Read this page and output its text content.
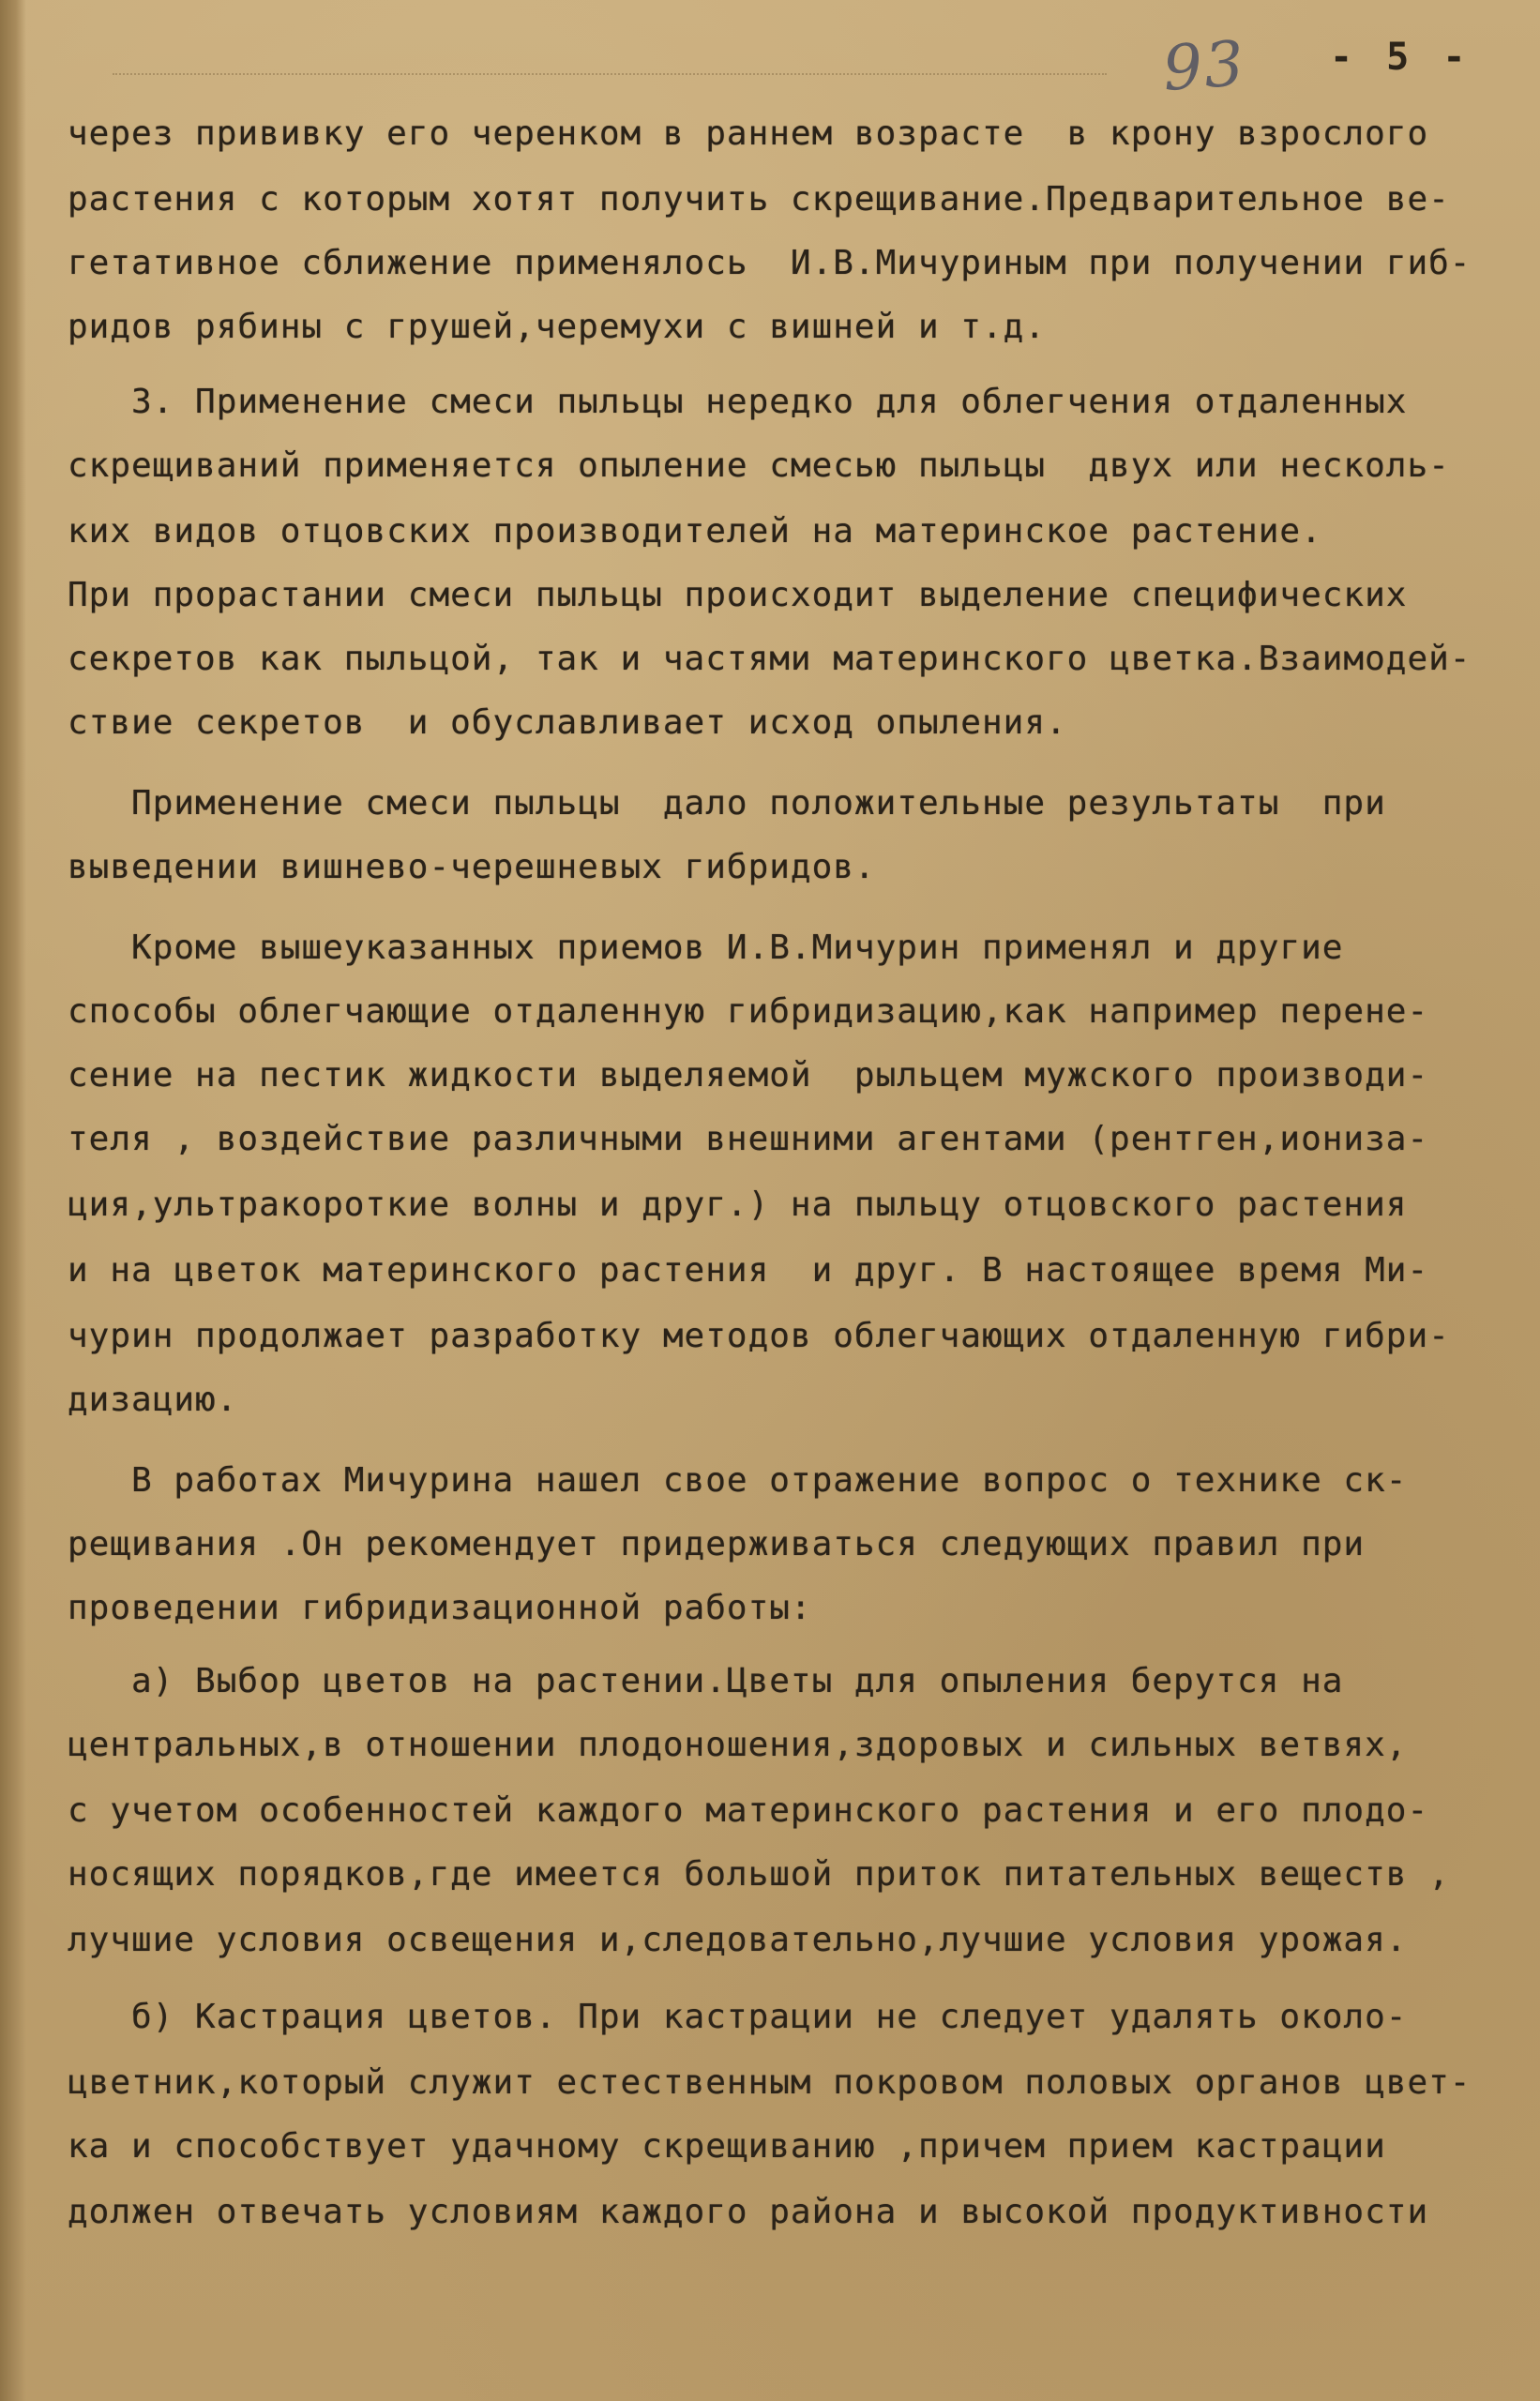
93 - 5 -
через прививку его черенком в раннем возрасте  в крону взрослого
растения с которым хотят получить скрещивание.Предварительное ве-
гетативное сближение применялось  И.В.Мичуриным при получении гиб-
ридов рябины с грушей,черемухи с вишней и т.д.
3. Применение смеси пыльцы нередко для облегчения отдаленных
скрещиваний применяется опыление смесью пыльцы  двух или несколь-
ких видов отцовских производителей на материнское растение.
При прорастании смеси пыльцы происходит выделение специфических
секретов как пыльцой, так и частями материнского цветка.Взаимодей-
ствие секретов  и обуславливает исход опыления.
Применение смеси пыльцы  дало положительные результаты  при
выведении вишнево-черешневых гибридов.
Кроме вышеуказанных приемов И.В.Мичурин применял и другие
способы облегчающие отдаленную гибридизацию,как например перене-
сение на пестик жидкости выделяемой  рыльцем мужского производи-
теля , воздействие различными внешними агентами (рентген,иониза-
ция,ультракороткие волны и друг.) на пыльцу отцовского растения
и на цветок материнского растения  и друг. В настоящее время Ми-
чурин продолжает разработку методов облегчающих отдаленную гибри-
дизацию.
В работах Мичурина нашел свое отражение вопрос о технике ск-
рещивания .Он рекомендует придерживаться следующих правил при
проведении гибридизационной работы:
а) Выбор цветов на растении.Цветы для опыления берутся на
центральных,в отношении плодоношения,здоровых и сильных ветвях,
с учетом особенностей каждого материнского растения и его плодо-
носящих порядков,где имеется большой приток питательных веществ ,
лучшие условия освещения и,следовательно,лучшие условия урожая.
б) Кастрация цветов. При кастрации не следует удалять около-
цветник,который служит естественным покровом половых органов цвет-
ка и способствует удачному скрещиванию ,причем прием кастрации
должен отвечать условиям каждого района и высокой продуктивности
